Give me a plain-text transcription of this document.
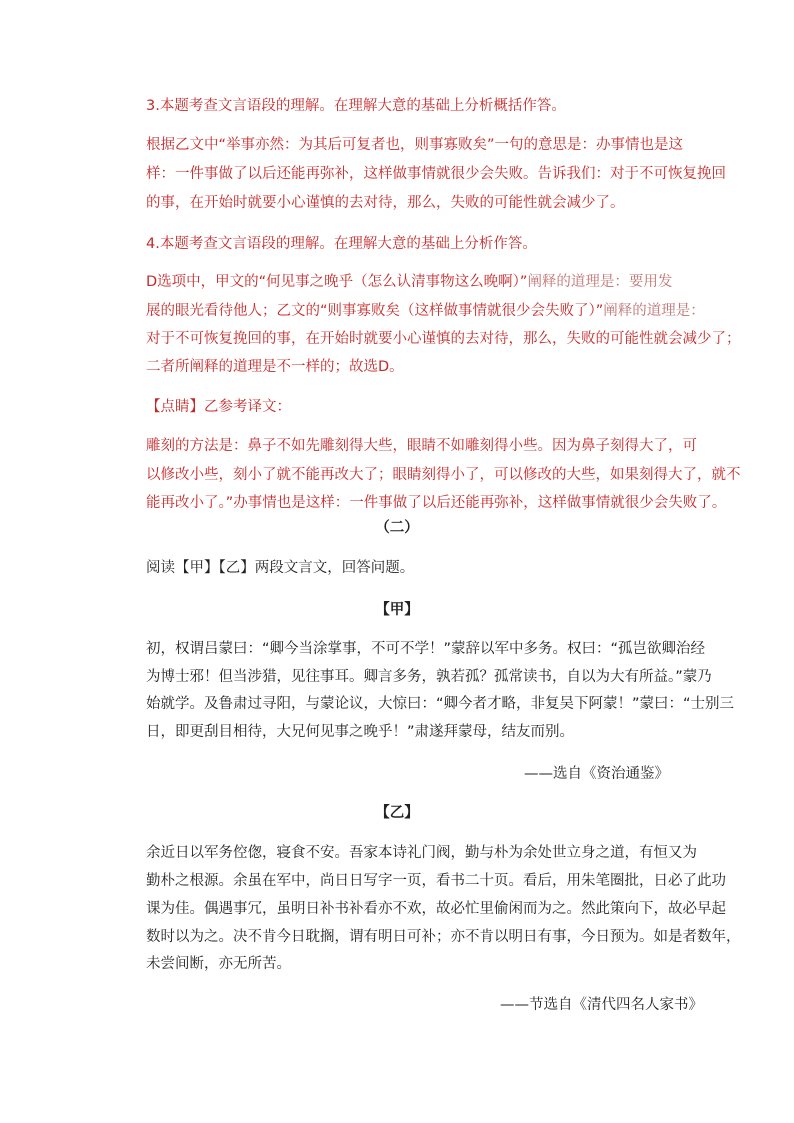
3.本题考查文言语段的理解。在理解大意的基础上分析概括作答。
根据乙文中“举事亦然：为其后可复者也，则事寡败矣”一句的意思是：办事情也是这
样：一件事做了以后还能再弥补，这样做事情就很少会失败。告诉我们：对于不可恢复挽回
的事，在开始时就要小心谨慎的去对待，那么，失败的可能性就会减少了。
4.本题考查文言语段的理解。在理解大意的基础上分析作答。
D选项中，甲文的“何见事之晚乎（怎么认清事物这么晚啊）”阐释的道理是：要用发
展的眼光看待他人；乙文的“则事寡败矣（这样做事情就很少会失败了）”阐释的道理是：
对于不可恢复挽回的事，在开始时就要小心谨慎的去对待，那么，失败的可能性就会减少了；
二者所阐释的道理是不一样的；故选D。
【点睛】乙参考译文：
雕刻的方法是：鼻子不如先雕刻得大些，眼睛不如雕刻得小些。因为鼻子刻得大了，可
以修改小些，刻小了就不能再改大了；眼睛刻得小了，可以修改的大些，如果刻得大了，就不
能再改小了。”办事情也是这样：一件事做了以后还能再弥补，这样做事情就很少会失败了。
（二）
阅读【甲】【乙】两段文言文，回答问题。
【甲】
初，权谓吕蒙曰：“卿今当涂掌事，不可不学！”蒙辞以军中多务。权曰：“孤岂欲卿治经
为博士邪！但当涉猎，见往事耳。卿言多务，孰若孤？孤常读书，自以为大有所益。”蒙乃
始就学。及鲁肃过寻阳，与蒙论议，大惊曰：“卿今者才略，非复吴下阿蒙！”蒙曰：“士别三
日，即更刮目相待，大兄何见事之晚乎！”肃遂拜蒙母，结友而别。
——选自《资治通鉴》
【乙】
余近日以军务倥偬，寝食不安。吾家本诗礼门阀，勤与朴为余处世立身之道，有恒又为
勤朴之根源。余虽在军中，尚日日写字一页，看书二十页。看后，用朱笔圈批，日必了此功
课为佳。偶遇事冗，虽明日补书补看亦不欢，故必忙里偷闲而为之。然此策向下，故必早起
数时以为之。决不肯今日耽搁，谓有明日可补；亦不肯以明日有事，今日预为。如是者数年，
未尝间断，亦无所苦。
——节选自《清代四名人家书》
